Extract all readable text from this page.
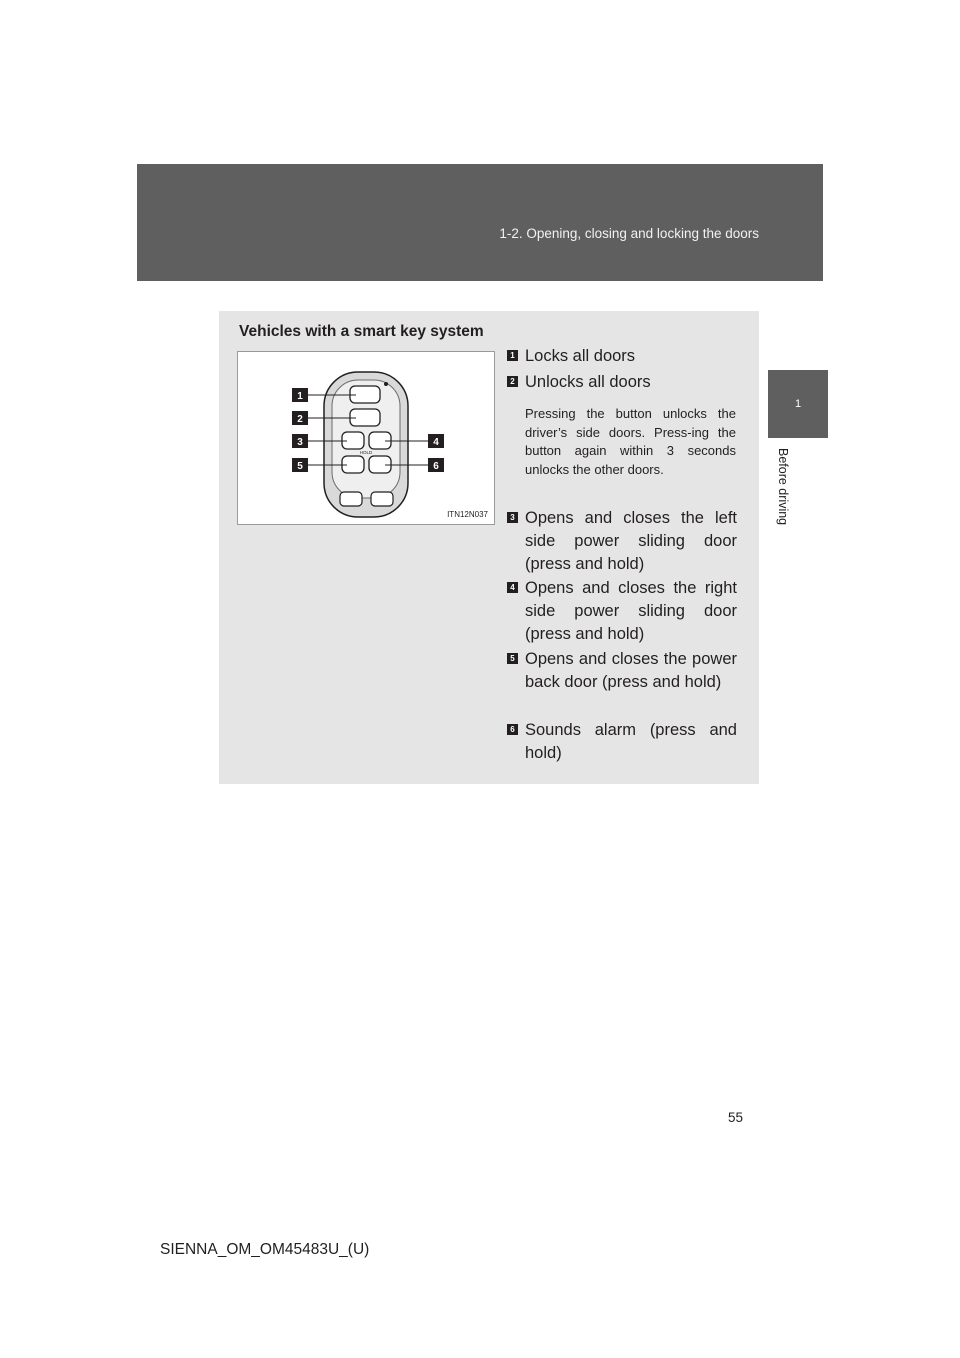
1-2. Opening, closing and locking the doors
1
Before driving
Vehicles with a smart key system
HOLD
1
2
3	4
5	6
ITN12N037
1 Locks all doors
2 Unlocks all doors
Pressing the button unlocks the driver’s side doors. Press-ing the button again within 3 seconds unlocks the other doors.
3 Opens and closes the left side power sliding door (press and hold)
4 Opens and closes the right side power sliding door (press and hold)
5 Opens and closes the power back door (press and hold)
6 Sounds alarm (press and hold)
55
SIENNA_OM_OM45483U_(U)
